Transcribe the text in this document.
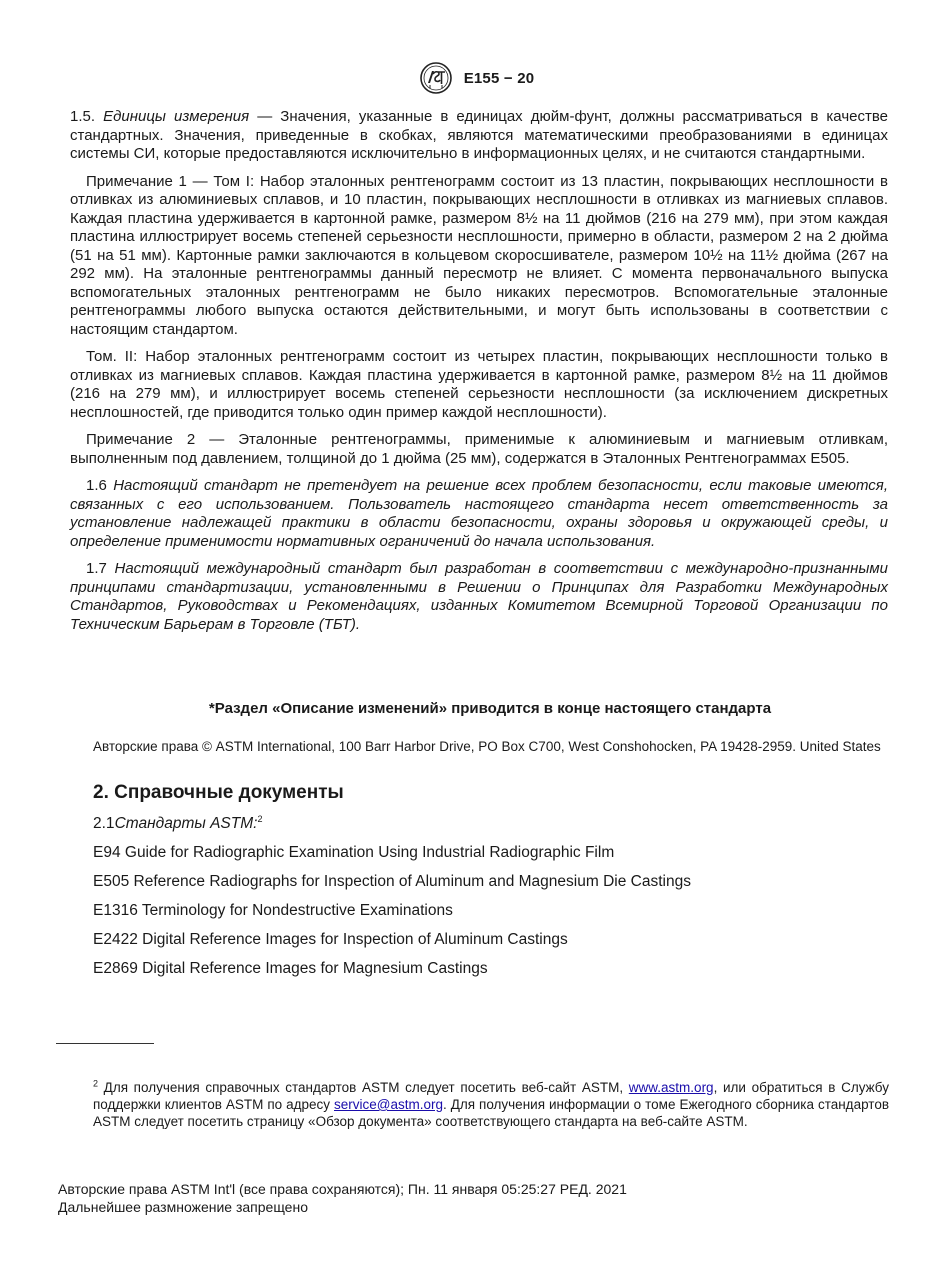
E155 − 20

1.5. Единицы измерения — Значения, указанные в единицах дюйм-фунт, должны рассматриваться в качестве стандартных. Значения, приведенные в скобках, являются математическими преобразованиями в единицах системы СИ, которые предоставляются исключительно в информационных целях, и не считаются стандартными.

Примечание 1 — Том I: Набор эталонных рентгенограмм состоит из 13 пластин, покрывающих несплошности в отливках из алюминиевых сплавов, и 10 пластин, покрывающих несплошности в отливках из магниевых сплавов. Каждая пластина удерживается в картонной рамке, размером 8½ на 11 дюймов (216 на 279 мм), при этом каждая пластина иллюстрирует восемь степеней серьезности несплошности, примерно в области, размером 2 на 2 дюйма (51 на 51 мм). Картонные рамки заключаются в кольцевом скоросшивателе, размером 10½ на 11½ дюйма (267 на 292 мм). На эталонные рентгенограммы данный пересмотр не влияет. С момента первоначального выпуска вспомогательных эталонных рентгенограмм не было никаких пересмотров. Вспомогательные эталонные рентгенограммы любого выпуска остаются действительными, и могут быть использованы в соответствии с настоящим стандартом.

Том. II: Набор эталонных рентгенограмм состоит из четырех пластин, покрывающих несплошности только в отливках из магниевых сплавов. Каждая пластина удерживается в картонной рамке, размером 8½ на 11 дюймов (216 на 279 мм), и иллюстрирует восемь степеней серьезности несплошности (за исключением дискретных несплошностей, где приводится только один пример каждой несплошности).

Примечание 2 — Эталонные рентгенограммы, применимые к алюминиевым и магниевым отливкам, выполненным под давлением, толщиной до 1 дюйма (25 мм), содержатся в Эталонных Рентгенограммах E505.

1.6 Настоящий стандарт не претендует на решение всех проблем безопасности, если таковые имеются, связанных с его использованием. Пользователь настоящего стандарта несет ответственность за установление надлежащей практики в области безопасности, охраны здоровья и окружающей среды, и определение применимости нормативных ограничений до начала использования.

1.7 Настоящий международный стандарт был разработан в соответствии с международно-признанными принципами стандартизации, установленными в Решении о Принципах для Разработки Международных Стандартов, Руководствах и Рекомендациях, изданных Комитетом Всемирной Торговой Организации по Техническим Барьерам в Торговле (ТБТ).

*Раздел «Описание изменений» приводится в конце настоящего стандарта
Авторские права © ASTM International, 100 Barr Harbor Drive, PO Box C700, West Conshohocken, PA 19428-2959. United States
2. Справочные документы
2.1Стандарты ASTM:$^2$
E94 Guide for Radiographic Examination Using Industrial Radiographic Film
E505 Reference Radiographs for Inspection of Aluminum and Magnesium Die Castings
E1316 Terminology for Nondestructive Examinations
E2422 Digital Reference Images for Inspection of Aluminum Castings
E2869 Digital Reference Images for Magnesium Castings
$^2$ Для получения справочных стандартов ASTM следует посетить веб-сайт ASTM, www.astm.org, или обратиться в Службу поддержки клиентов ASTM по адресу service@astm.org. Для получения информации о томе Ежегодного сборника стандартов ASTM следует посетить страницу «Обзор документа» соответствующего стандарта на веб-сайте ASTM.
Авторские права ASTM Int'l (все права сохраняются); Пн. 11 января 05:25:27 РЕД. 2021
Дальнейшее размножение запрещено
